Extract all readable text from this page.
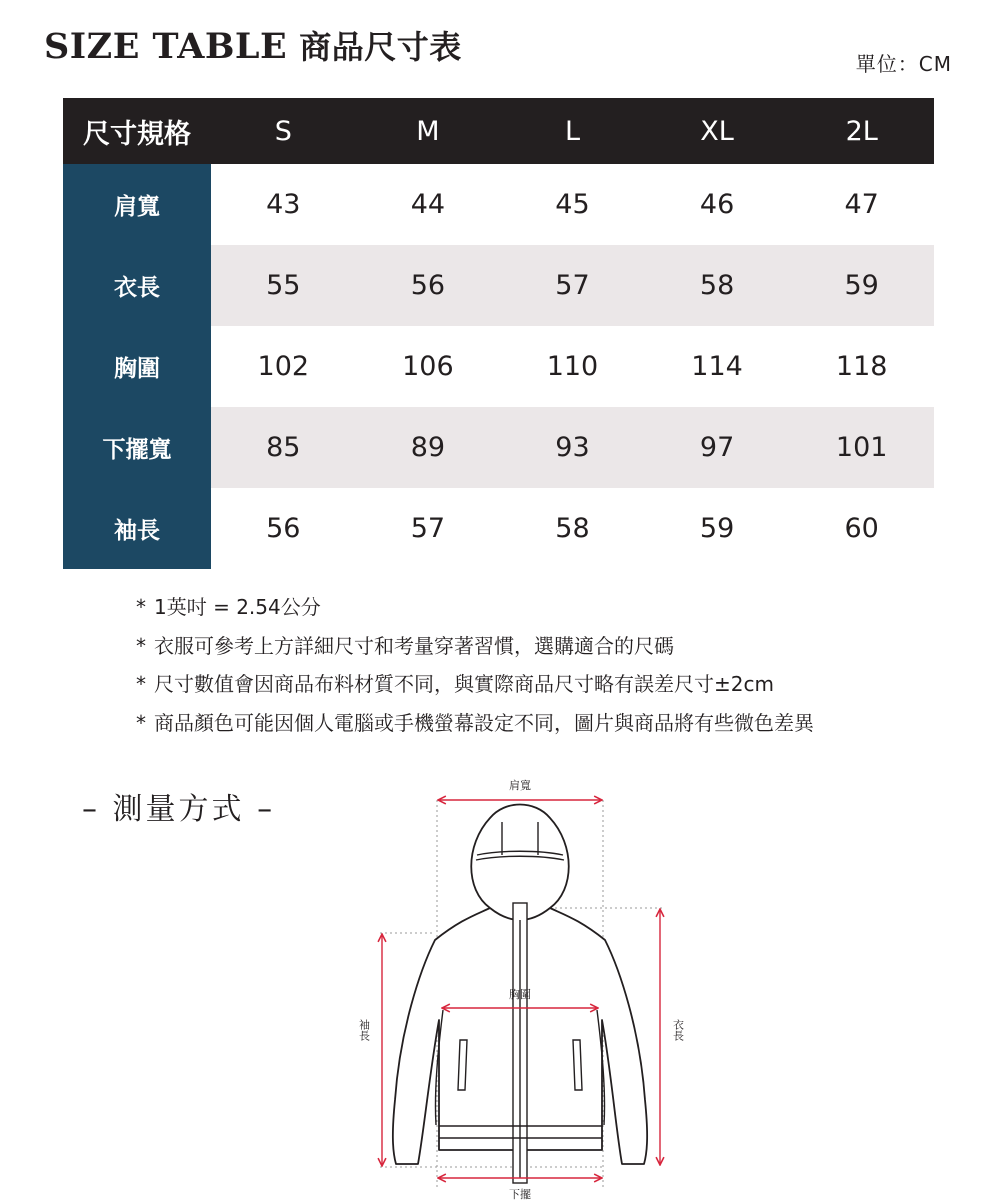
SIZE TABLE 商品尺寸表	單位：CM
尺寸規格	S	M	L	XL	2L
肩寬	43	44	45	46	47
衣長	55	56	57	58	59
胸圍	102	106	110	114	118
下擺寬	85	89	93	97	101
袖長	56	57	58	59	60
* 1英吋 = 2.54公分
* 衣服可參考上方詳細尺寸和考量穿著習慣，選購適合的尺碼
* 尺寸數值會因商品布料材質不同，與實際商品尺寸略有誤差尺寸±2cm
* 商品顏色可能因個人電腦或手機螢幕設定不同，圖片與商品將有些微色差異
– 測量方式 –
肩寬
胸圍
衣長
袖長
下擺
